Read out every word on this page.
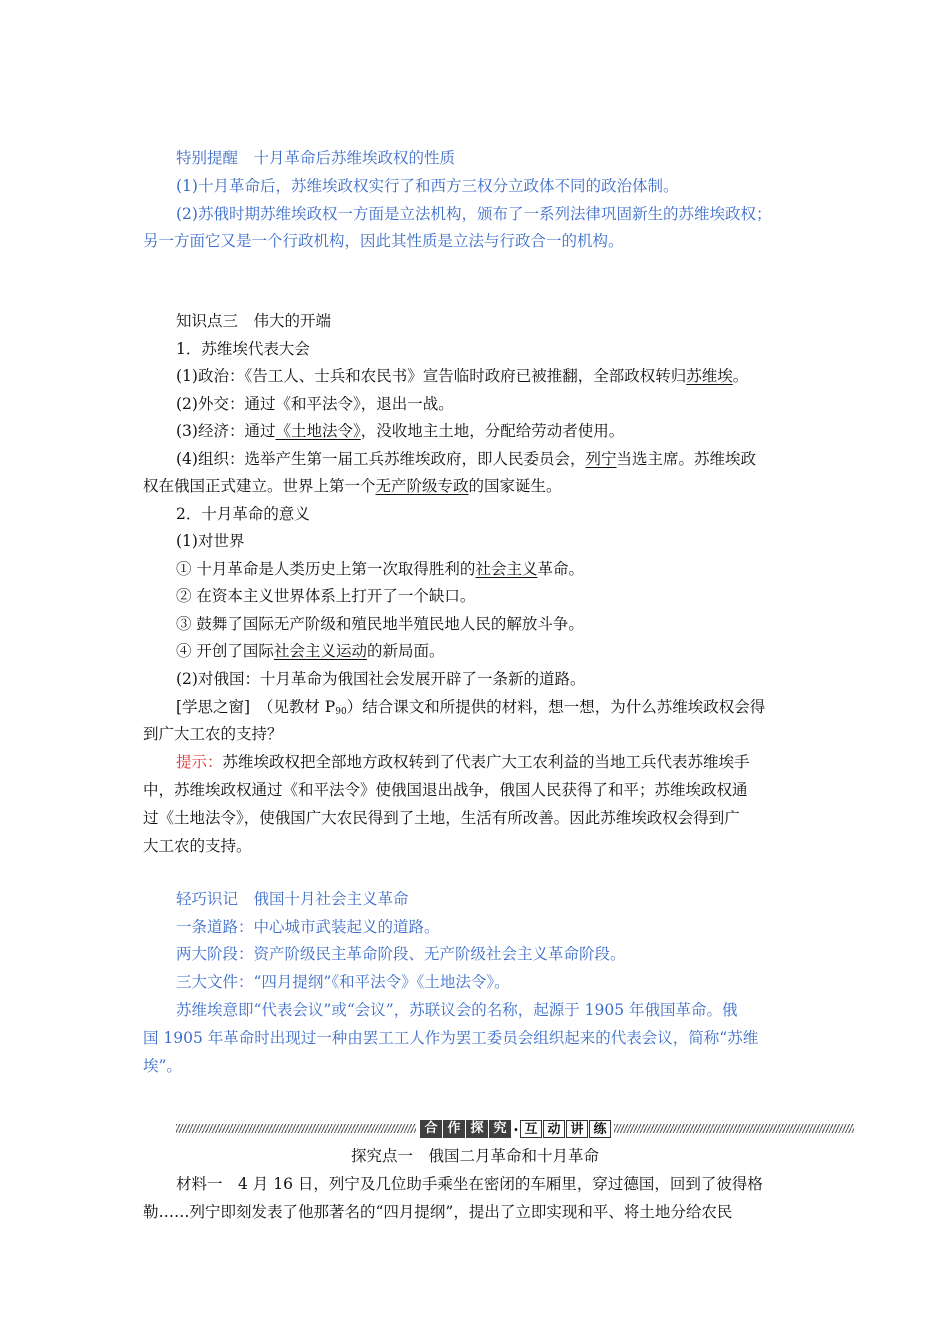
特别提醒　 十月革命后苏维埃政权的性质
(1)十月革命后，苏维埃政权实行了和西方三权分立政体不同的政治体制。
(2)苏俄时期苏维埃政权一方面是立法机构，颁布了一系列法律巩固新生的苏维埃政权；
另一方面它又是一个行政机构，因此其性质是立法与行政合一的机构。
知识点三　 伟大的开端
1．苏维埃代表大会
(1)政治：《告工人、士兵和农民书》宣告临时政府已被推翻，全部政权转归苏维埃。
(2)外交：通过《和平法令》，退出一战。
(3)经济：通过《土地法令》，没收地主土地，分配给劳动者使用。
(4)组织：选举产生第一届工兵苏维埃政府，即人民委员会，列宁当选主席。苏维埃政
权在俄国正式建立。世界上第一个无产阶级专政的国家诞生。
2．十月革命的意义
(1)对世界
① 十月革命是人类历史上第一次取得胜利的社会主义革命。
② 在资本主义世界体系上打开了一个缺口。
③ 鼓舞了国际无产阶级和殖民地半殖民地人民的解放斗争。
④ 开创了国际社会主义运动的新局面。
(2)对俄国：十月革命为俄国社会发展开辟了一条新的道路。
[学思之窗]　 （见教材 $P_{90}$）结合课文和所提供的材料，想一想，为什么苏维埃政权会得
到广大工农的支持？
提示：苏维埃政权把全部地方政权转到了代表广大工农利益的当地工兵代表苏维埃手
中，苏维埃政权通过《和平法令》使俄国退出战争，俄国人民获得了和平；苏维埃政权通
过《土地法令》，使俄国广大农民得到了土地，生活有所改善。因此苏维埃政权会得到广
大工农的支持。
轻巧识记　 俄国十月社会主义革命
一条道路：中心城市武装起义的道路。
两大阶段：资产阶级民主革命阶段、无产阶级社会主义革命阶段。
三大文件：“四月提纲”《和平法令》《土地法令》。
苏维埃意即“代表会议”或“会议”，苏联议会的名称，起源于 1905 年俄国革命。俄
国 1905 年革命时出现过一种由罢工工人作为罢工委员会组织起来的代表会议，简称“苏维
埃”。
合 作 探 究 · 互 动 讲 练
探究点一　俄国二月革命和十月革命
材料一　4 月 16 日，列宁及几位助手乘坐在密闭的车厢里，穿过德国，回到了彼得格
勒……列宁即刻发表了他那著名的“四月提纲”，提出了立即实现和平、将土地分给农民
